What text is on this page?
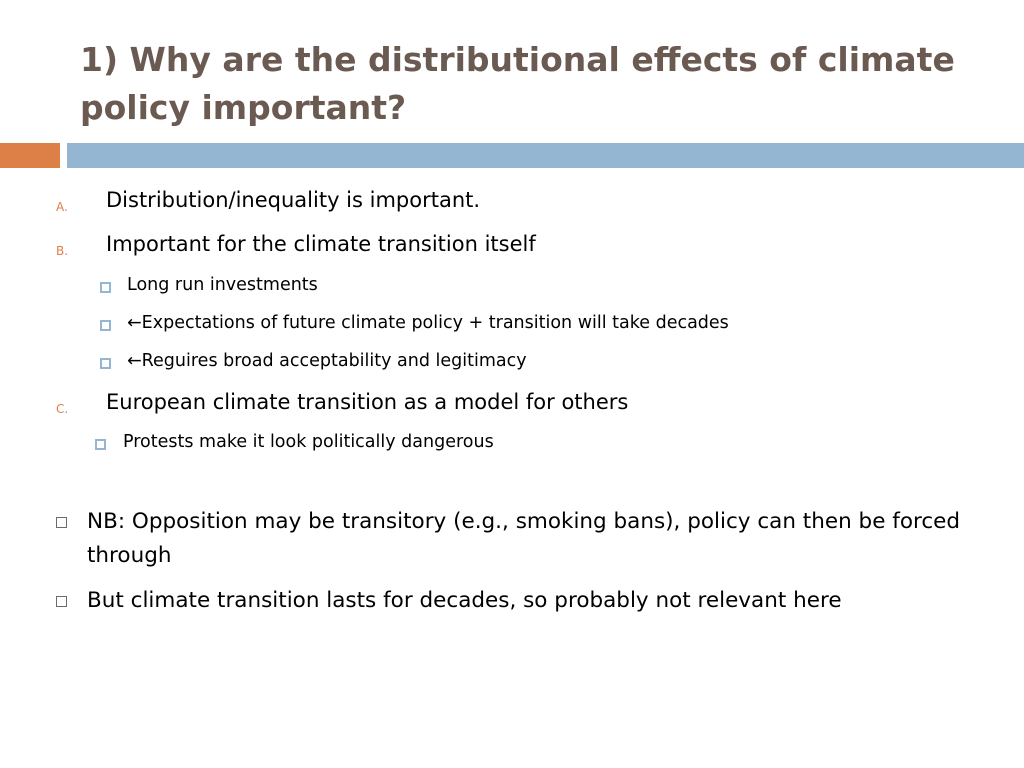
1) Why are the distributional effects of climate policy important?
A. Distribution/inequality is important.
B. Important for the climate transition itself
Long run investments
←Expectations of future climate policy + transition will take decades
←Reguires broad acceptability and legitimacy
C. European climate transition as a model for others
Protests make it look politically dangerous
NB: Opposition may be transitory (e.g., smoking bans), policy can then be forced through
But climate transition lasts for decades, so probably not relevant here
